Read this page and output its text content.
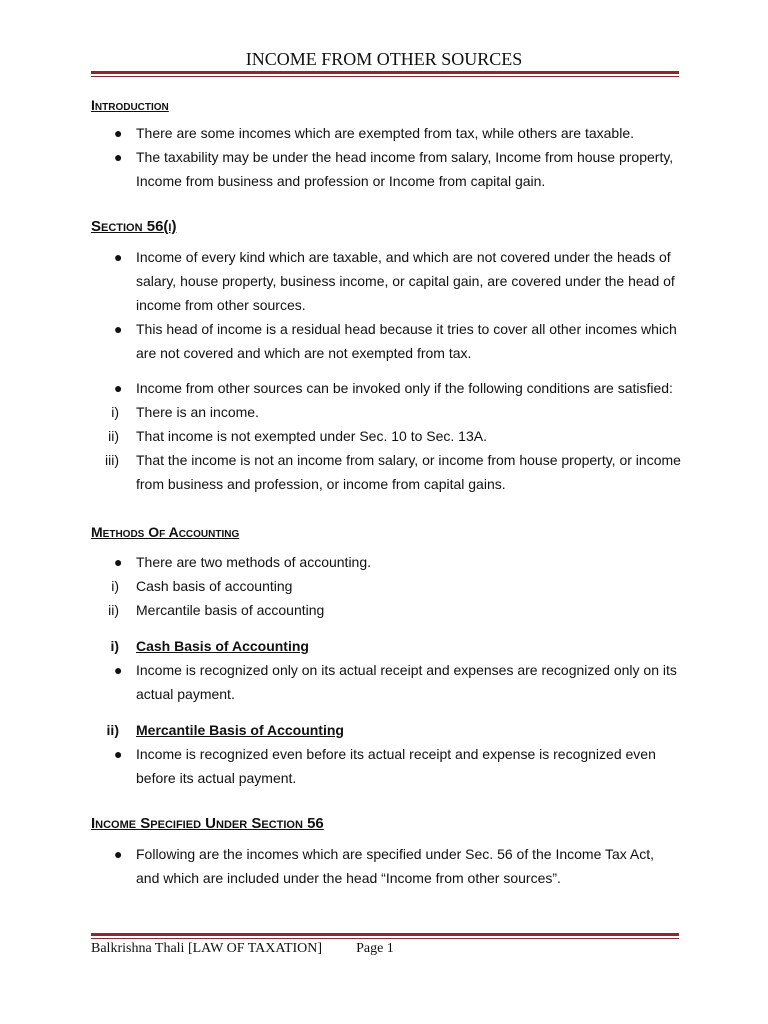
INCOME FROM OTHER SOURCES

Introduction

● There are some incomes which are exempted from tax, while others are taxable.
● The taxability may be under the head income from salary, Income from house property, Income from business and profession or Income from capital gain.

Section 56(i)

● Income of every kind which are taxable, and which are not covered under the heads of salary, house property, business income, or capital gain, are covered under the head of income from other sources.
● This head of income is a residual head because it tries to cover all other incomes which are not covered and which are not exempted from tax.
● Income from other sources can be invoked only if the following conditions are satisfied:
i) There is an income.
ii) That income is not exempted under Sec. 10 to Sec. 13A.
iii) That the income is not an income from salary, or income from house property, or income from business and profession, or income from capital gains.

Methods Of Accounting

● There are two methods of accounting.
i) Cash basis of accounting
ii) Mercantile basis of accounting
i) Cash Basis of Accounting
● Income is recognized only on its actual receipt and expenses are recognized only on its actual payment.
ii) Mercantile Basis of Accounting
● Income is recognized even before its actual receipt and expense is recognized even before its actual payment.

Income Specified Under Section 56

● Following are the incomes which are specified under Sec. 56 of the Income Tax Act, and which are included under the head “Income from other sources”.
Balkrishna Thali [LAW OF TAXATION] Page 1
